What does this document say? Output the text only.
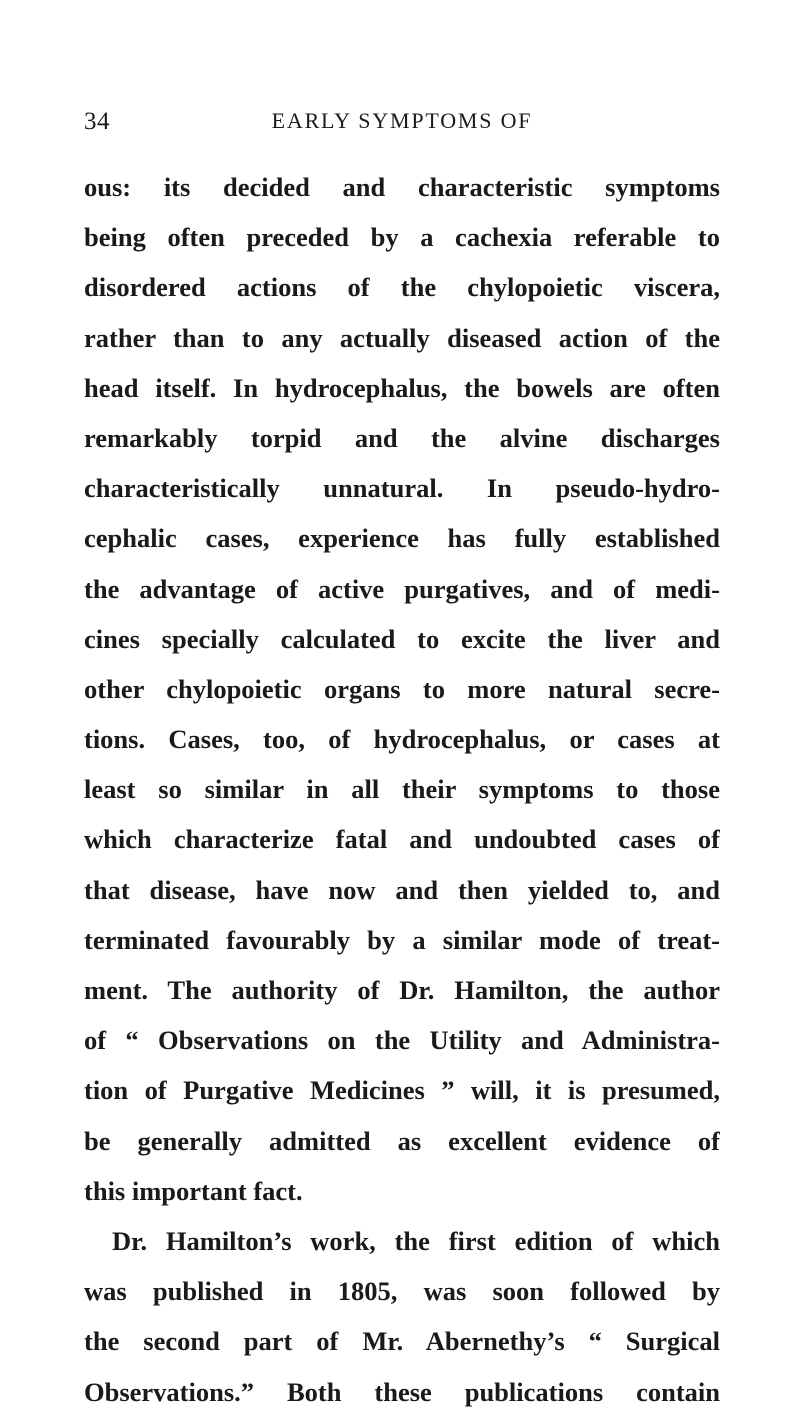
34	EARLY SYMPTOMS OF
ous: its decided and characteristic symptoms
being often preceded by a cachexia referable to
disordered actions of the chylopoietic viscera,
rather than to any actually diseased action of the
head itself. In hydrocephalus, the bowels are often
remarkably torpid and the alvine discharges
characteristically unnatural. In pseudo-hydro-
cephalic cases, experience has fully established
the advantage of active purgatives, and of medi-
cines specially calculated to excite the liver and
other chylopoietic organs to more natural secre-
tions. Cases, too, of hydrocephalus, or cases at
least so similar in all their symptoms to those
which characterize fatal and undoubted cases of
that disease, have now and then yielded to, and
terminated favourably by a similar mode of treat-
ment. The authority of Dr. Hamilton, the author
of “ Observations on the Utility and Administra-
tion of Purgative Medicines ” will, it is presumed,
be generally admitted as excellent evidence of
this important fact.
Dr. Hamilton’s work, the first edition of which
was published in 1805, was soon followed by
the second part of Mr. Abernethy’s “ Surgical
Observations.” Both these publications contain
